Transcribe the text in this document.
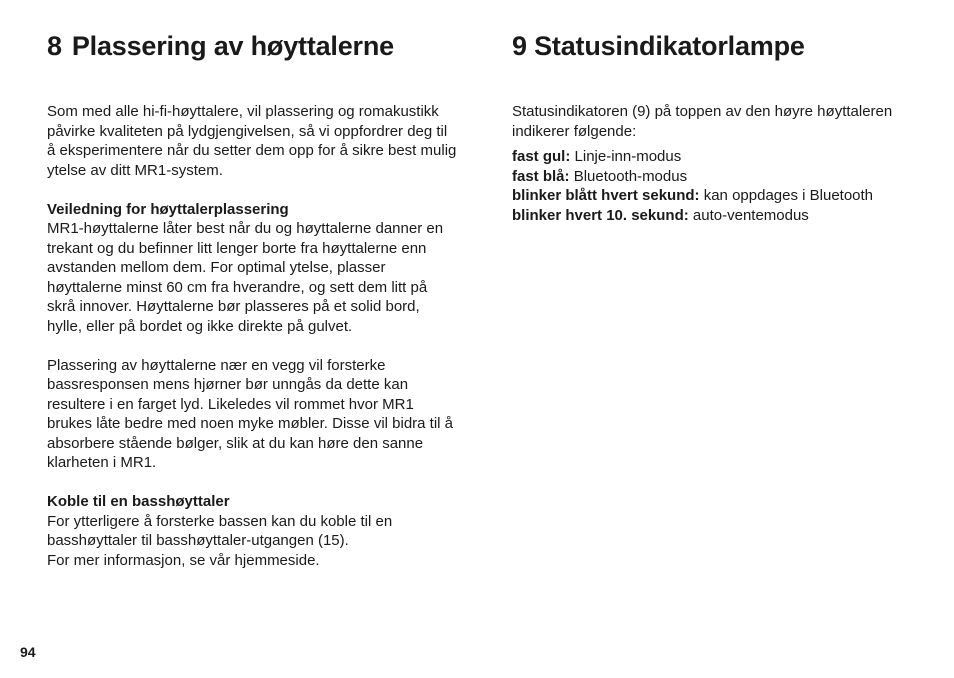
8 Plassering av høyttalerne

Som med alle hi-fi-høyttalere, vil plassering og romakustikk påvirke kvaliteten på lydgjengivelsen, så vi oppfordrer deg til å eksperimentere når du setter dem opp for å sikre best mulig ytelse av ditt MR1-system.

Veiledning for høyttalerplassering

MR1-høyttalerne låter best når du og høyttalerne danner en trekant og du befinner litt lenger borte fra høyttalerne enn avstanden mellom dem. For optimal ytelse, plasser høyttalerne minst 60 cm fra hverandre, og sett dem litt på skrå innover. Høyttalerne bør plasseres på et solid bord, hylle, eller på bordet og ikke direkte på gulvet.

Plassering av høyttalerne nær en vegg vil forsterke bassresponsen mens hjørner bør unngås da dette kan resultere i en farget lyd. Likeledes vil rommet hvor MR1 brukes låte bedre med noen myke møbler. Disse vil bidra til å absorbere stående bølger, slik at du kan høre den sanne klarheten i MR1.

Koble til en basshøyttaler

For ytterligere å forsterke bassen kan du koble til en basshøyttaler til basshøyttaler-utgangen (15).

For mer informasjon, se vår hjemmeside.

9 Statusindikatorlampe

Statusindikatoren (9) på toppen av den høyre høyttaleren indikerer følgende:

fast gul: Linje-inn-modus
fast blå: Bluetooth-modus
blinker blått hvert sekund: kan oppdages i Bluetooth
blinker hvert 10. sekund: auto-ventemodus
94
